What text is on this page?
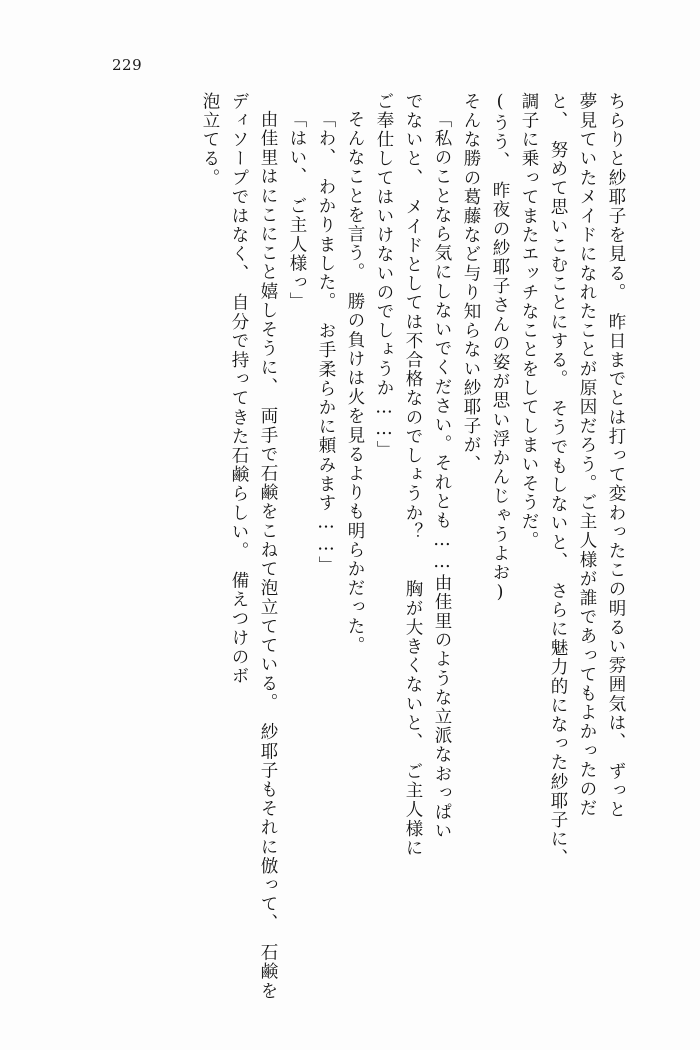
229
ちらりと紗耶子を見る。　昨日までとは打って変わったこの明るい雰囲気は、　ずっと
夢見ていたメイドになれたことが原因だろう。ご主人様が誰であってもよかったのだ
と、　努めて思いこむことにする。　そうでもしないと、　さらに魅力的になった紗耶子に、
調子に乗ってまたエッチなことをしてしまいそうだ。
(うう、　昨夜の紗耶子さんの姿が思い浮かんじゃうよお)
そんな勝の葛藤など与り知らない紗耶子が、
「私のことなら気にしないでください。それとも……由佳里のような立派なおっぱい
でないと、　メイドとしては不合格なのでしょうか？　　胸が大きくないと、　ご主人様に
ご奉仕してはいけないのでしょうか……」
そんなことを言う。　勝の負けは火を見るよりも明らかだった。
「わ、　わかりました。　お手柔らかに頼みます……」
「はい、　ご主人様っ」
由佳里はにこにこと嬉しそうに、　両手で石鹸をこねて泡立てている。　紗耶子もそれに倣って、　石鹸を
ディソープではなく、　自分で持ってきた石鹸らしい。　備えつけのボ
泡立てる。
